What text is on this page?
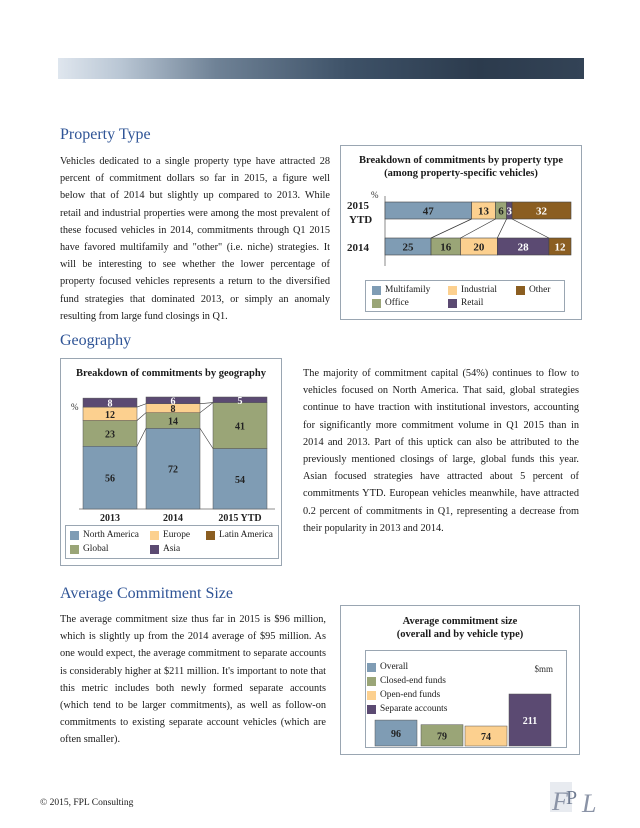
Property Type

Vehicles dedicated to a single property type have attracted 28 percent of commitment dollars so far in 2015, a figure well below that of 2014 but slightly up compared to 2013. While retail and industrial properties were among the most prevalent of these focused vehicles in 2014, commitments through Q1 2015 have favored multifamily and "other" (i.e. niche) strategies. It will be interesting to see whether the lower percentage of property focused vehicles represents a return to the diversified fund strategies that dominated 2013, or simply an anomaly resulting from large fund closings in Q1.

Breakdown of commitments by property type
(among property-specific vehicles)
%
2015
YTD
47	13 6 3 32
2014	25 16 20	28 12
Multifamily	Industrial	Other
Office	Retail
Geography

The majority of commitment capital (54%) continues to flow to vehicles focused on North America. That said, global strategies continue to have traction with institutional investors, accounting for significantly more commitment volume in Q1 2015 than in 2014 and 2013. Part of this uptick can also be attributed to the previously mentioned closings of large, global funds this year. Asian focused strategies have attracted about 5 percent of commitments YTD. European vehicles meanwhile, have attracted 0.2 percent of commitments in Q1, representing a decrease from their popularity in 2013 and 2014.

Breakdown of commitments by geography
%
56
23
12
8
2013
72
14
8
6
2014
54
41
5
2015 YTD
North America	Europe	Latin America
Global	Asia
Average Commitment Size

The average commitment size thus far in 2015 is $96 million, which is slightly up from the 2014 average of $95 million. As one would expect, the average commitment to separate accounts is considerably higher at $211 million. It's important to note that this metric includes both newly formed separate accounts (which tend to be larger commitments), as well as follow-on commitments to existing separate account vehicles (which are often smaller).

Average commitment size
(overall and by vehicle type)
$mm
96	79	74
211
Overall
Closed-end funds
Open-end funds
Separate accounts
© 2015, FPL Consulting	F
P L
